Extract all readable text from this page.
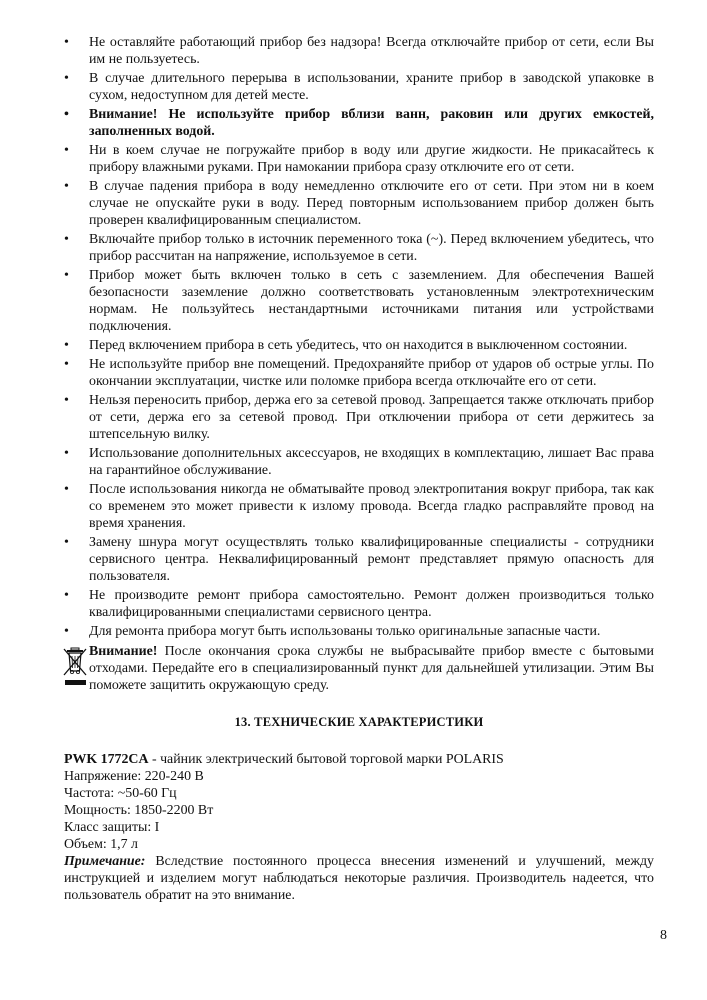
• Не оставляйте работающий прибор без надзора! Всегда отключайте прибор от сети, если Вы им не пользуетесь.
• В случае длительного перерыва в использовании, храните прибор в заводской упаковке в сухом, недоступном для детей месте.
• Внимание! Не используйте прибор вблизи ванн, раковин или других емкостей, заполненных водой.
• Ни в коем случае не погружайте прибор в воду или другие жидкости. Не прикасайтесь к прибору влажными руками. При намокании прибора сразу отключите его от сети.
• В случае падения прибора в воду немедленно отключите его от сети. При этом ни в коем случае не опускайте руки в воду. Перед повторным использованием прибор должен быть проверен квалифицированным специалистом.
• Включайте прибор только в источник переменного тока (~). Перед включением убедитесь, что прибор рассчитан на напряжение, используемое в сети.
• Прибор может быть включен только в сеть с заземлением. Для обеспечения Вашей безопасности заземление должно соответствовать установленным электротехническим нормам. Не пользуйтесь нестандартными источниками питания или устройствами подключения.
• Перед включением прибора в сеть убедитесь, что он находится в выключенном состоянии.
• Не используйте прибор вне помещений. Предохраняйте прибор от ударов об острые углы. По окончании эксплуатации, чистке или поломке прибора всегда отключайте его от сети.
• Нельзя переносить прибор, держа его за сетевой провод. Запрещается также отключать прибор от сети, держа его за сетевой провод. При отключении прибора от сети держитесь за штепсельную вилку.
• Использование дополнительных аксессуаров, не входящих в комплектацию, лишает Вас права на гарантийное обслуживание.
• После использования никогда не обматывайте провод электропитания вокруг прибора, так как со временем это может привести к излому провода. Всегда гладко расправляйте провод на время хранения.
• Замену шнура могут осуществлять только квалифицированные специалисты - сотрудники сервисного центра. Неквалифицированный ремонт представляет прямую опасность для пользователя.
• Не производите ремонт прибора самостоятельно. Ремонт должен производиться только квалифицированными специалистами сервисного центра.
• Для ремонта прибора могут быть использованы только оригинальные запасные части.
Внимание! После окончания срока службы не выбрасывайте прибор вместе с бытовыми отходами. Передайте его в специализированный пункт для дальнейшей утилизации. Этим Вы поможете защитить окружающую среду.
13. ТЕХНИЧЕСКИЕ ХАРАКТЕРИСТИКИ

PWK 1772CA - чайник электрический бытовой торговой марки POLARIS

Напряжение: 220-240 В

Частота: ~50-60 Гц

Мощность: 1850-2200 Вт

Класс защиты: I

Объем: 1,7 л

Примечание: Вследствие постоянного процесса внесения изменений и улучшений, между инструкцией и изделием могут наблюдаться некоторые различия. Производитель надеется, что пользователь обратит на это внимание.

8
